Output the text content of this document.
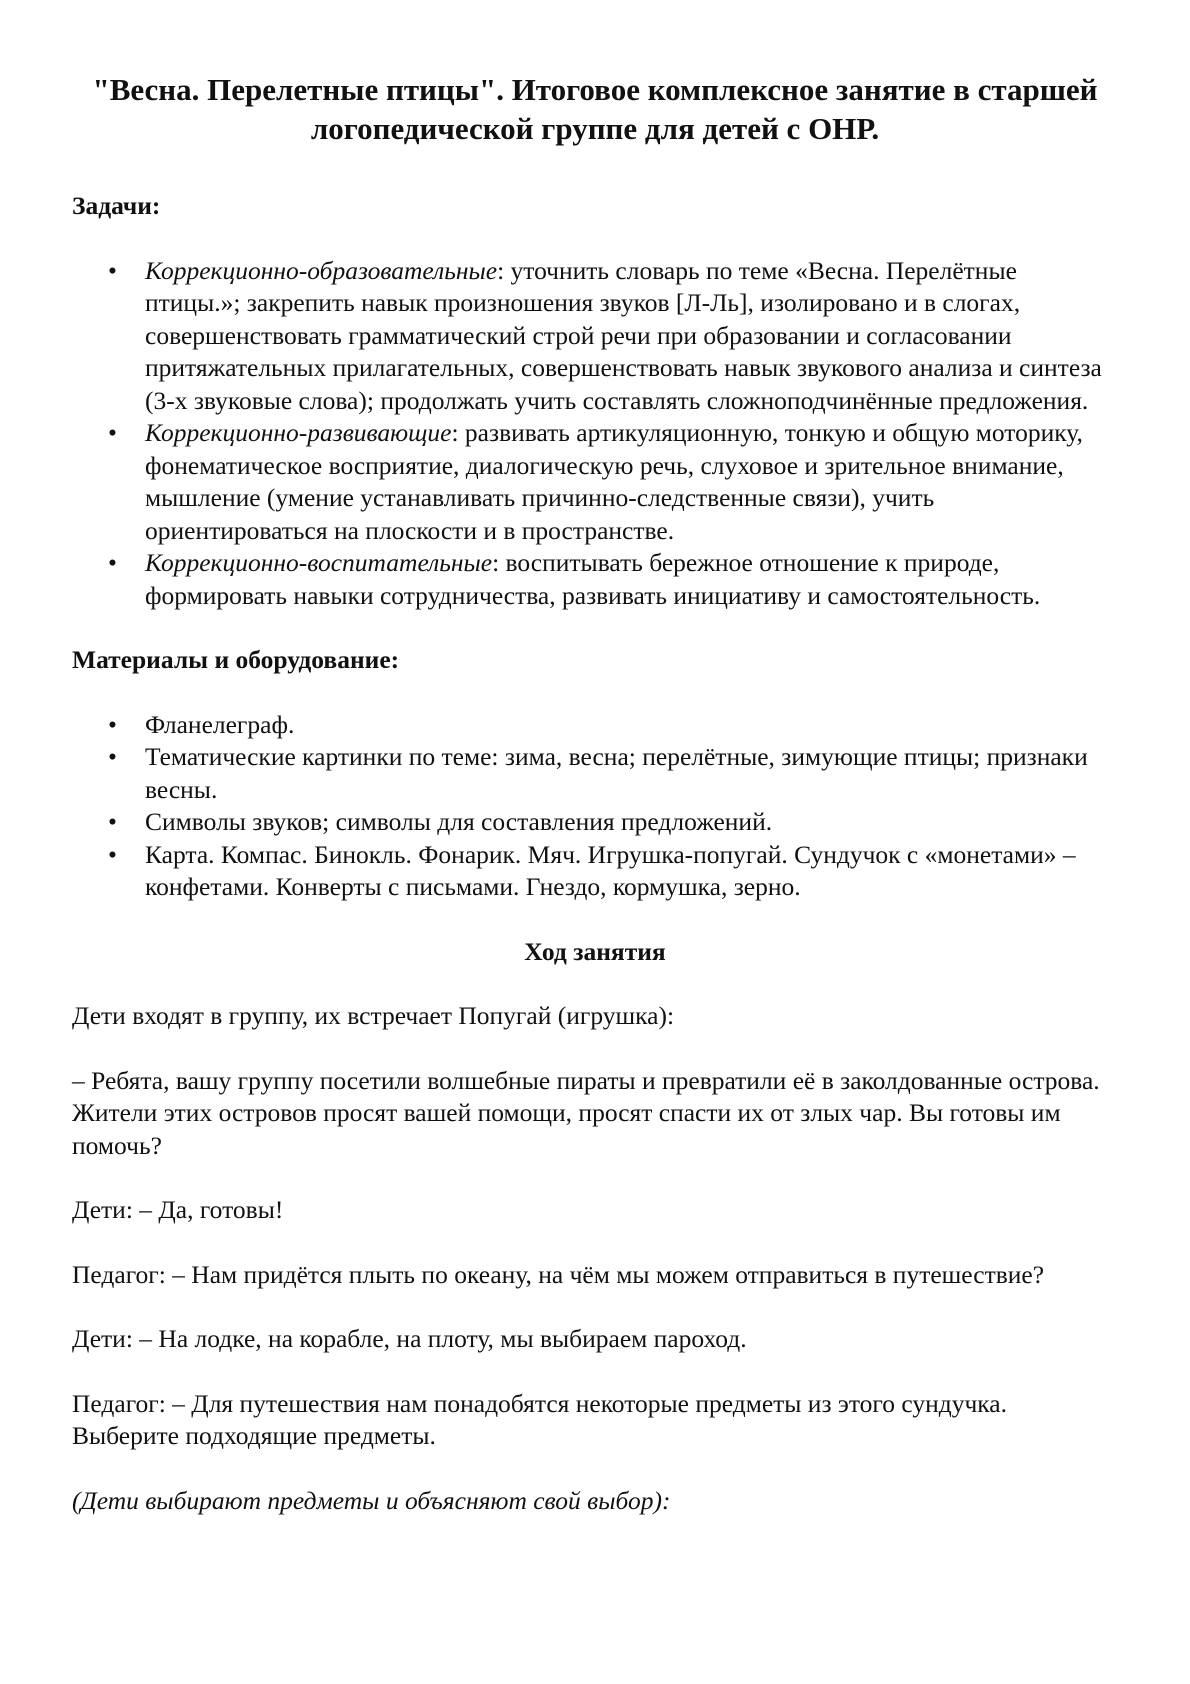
"Весна. Перелетные птицы". Итоговое комплексное занятие в старшей логопедической группе для детей с ОНР.
Задачи:
• Коррекционно-образовательные: уточнить словарь по теме «Весна. Перелётные птицы.»; закрепить навык произношения звуков [Л-Ль], изолировано и в слогах, совершенствовать грамматический строй речи при образовании и согласовании притяжательных прилагательных, совершенствовать навык звукового анализа и синтеза (3-х звуковые слова); продолжать учить составлять сложноподчинённые предложения.
• Коррекционно-развивающие: развивать артикуляционную, тонкую и общую моторику, фонематическое восприятие, диалогическую речь, слуховое и зрительное внимание, мышление (умение устанавливать причинно-следственные связи), учить ориентироваться на плоскости и в пространстве.
• Коррекционно-воспитательные: воспитывать бережное отношение к природе, формировать навыки сотрудничества, развивать инициативу и самостоятельность.
Материалы и оборудование:
• Фланелеграф.
• Тематические картинки по теме: зима, весна; перелётные, зимующие птицы; признаки весны.
• Символы звуков; символы для составления предложений.
• Карта. Компас. Бинокль. Фонарик. Мяч. Игрушка-попугай. Сундучок с «монетами» – конфетами. Конверты с письмами. Гнездо, кормушка, зерно.
Ход занятия

Дети входят в группу, их встречает Попугай (игрушка):

– Ребята, вашу группу посетили волшебные пираты и превратили её в заколдованные острова. Жители этих островов просят вашей помощи, просят спасти их от злых чар. Вы готовы им помочь?

Дети: – Да, готовы!

Педагог: – Нам придётся плыть по океану, на чём мы можем отправиться в путешествие?

Дети: – На лодке, на корабле, на плоту, мы выбираем пароход.

Педагог: – Для путешествия нам понадобятся некоторые предметы из этого сундучка. Выберите подходящие предметы.

(Дети выбирают предметы и объясняют свой выбор):
